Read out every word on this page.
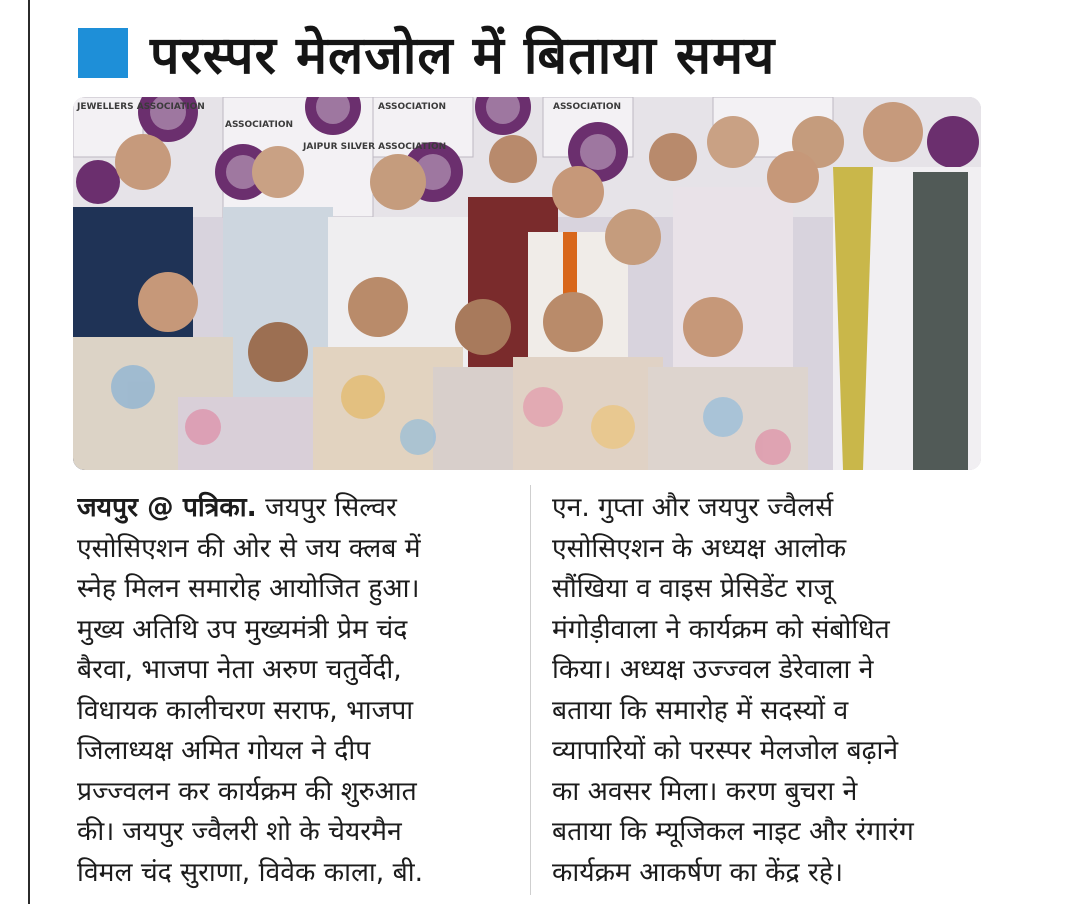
परस्पर मेलजोल में बिताया समय
JEWELLERS ASSOCIATION
ASSOCIATION
JAIPUR SILVER ASSOCIATION
ASSOCIATION	ASSOCIATION
जयपुर @ पत्रिका. जयपुर सिल्वर
एसोसिएशन की ओर से जय क्लब में
स्नेह मिलन समारोह आयोजित हुआ।
मुख्य अतिथि उप मुख्यमंत्री प्रेम चंद
बैरवा, भाजपा नेता अरुण चतुर्वेदी,
विधायक कालीचरण सराफ, भाजपा
जिलाध्यक्ष अमित गोयल ने दीप
प्रज्ज्वलन कर कार्यक्रम की शुरुआत
की। जयपुर ज्वैलरी शो के चेयरमैन
विमल चंद सुराणा, विवेक काला, बी.
एन. गुप्ता और जयपुर ज्वैलर्स
एसोसिएशन के अध्यक्ष आलोक
सौंखिया व वाइस प्रेसिडेंट राजू
मंगोड़ीवाला ने कार्यक्रम को संबोधित
किया। अध्यक्ष उज्ज्वल डेरेवाला ने
बताया कि समारोह में सदस्यों व
व्यापारियों को परस्पर मेलजोल बढ़ाने
का अवसर मिला। करण बुचरा ने
बताया कि म्यूजिकल नाइट और रंगारंग
कार्यक्रम आकर्षण का केंद्र रहे।
